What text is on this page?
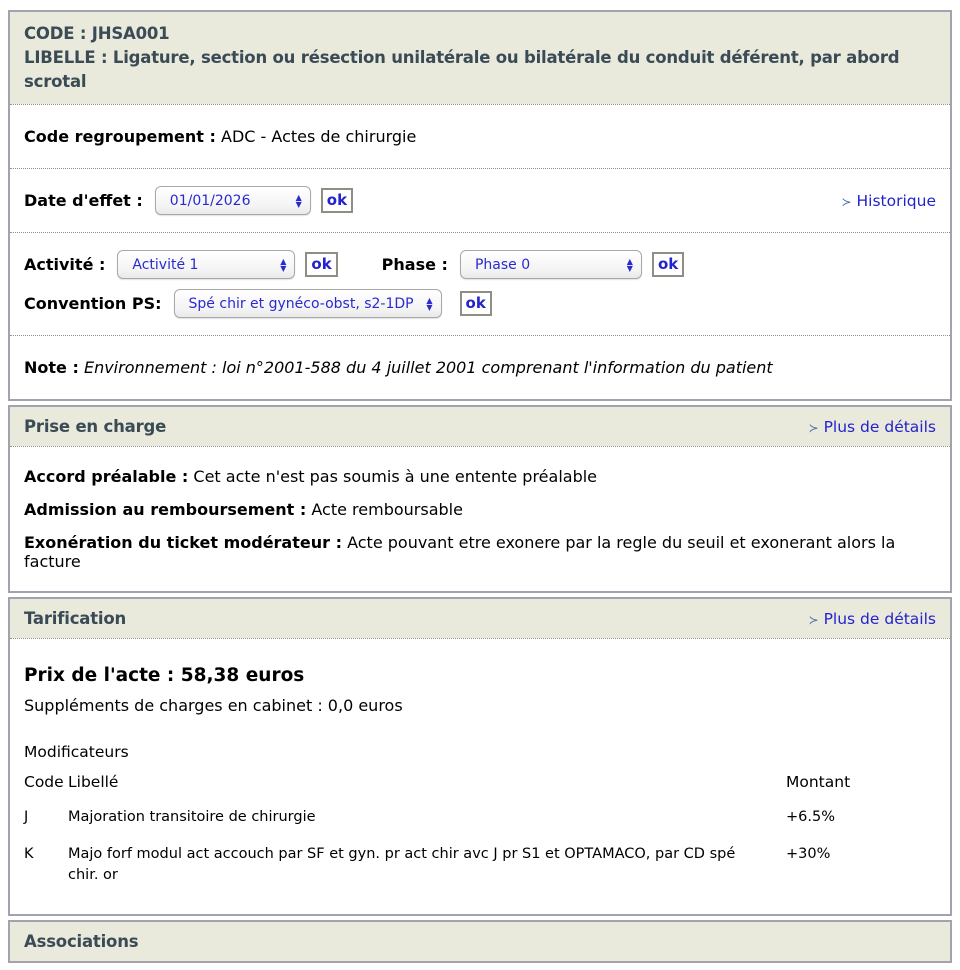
CODE : JHSA001
LIBELLE : Ligature, section ou résection unilatérale ou bilatérale du conduit déférent, par abord scrotal
Code regroupement : ADC - Actes de chirurgie
Date d'effet : 01/01/2026	▲
▼	ok	≻ Historique
Activité : Activité 1	▲
▼	ok	Phase : Phase 0	▲
▼	ok
Convention PS: Spé chir et gynéco-obst, s2-1DP ▲
▼	ok
Note : Environnement : loi n°2001-588 du 4 juillet 2001 comprenant l'information du patient
Prise en charge	≻ Plus de détails

Accord préalable : Cet acte n'est pas soumis à une entente préalable

Admission au remboursement : Acte remboursable

Exonération du ticket modérateur : Acte pouvant etre exonere par la regle du seuil et exonerant alors la facture

Tarification	≻ Plus de détails

Prix de l'acte : 58,38 euros

Suppléments de charges en cabinet : 0,0 euros

Modificateurs

Code	Libellé	Montant
J	Majoration transitoire de chirurgie	+6.5%
K	Majo forf modul act accouch par SF et gyn. pr act chir avc J pr S1 et OPTAMACO, par CD spé chir. or	+30%
Associations
